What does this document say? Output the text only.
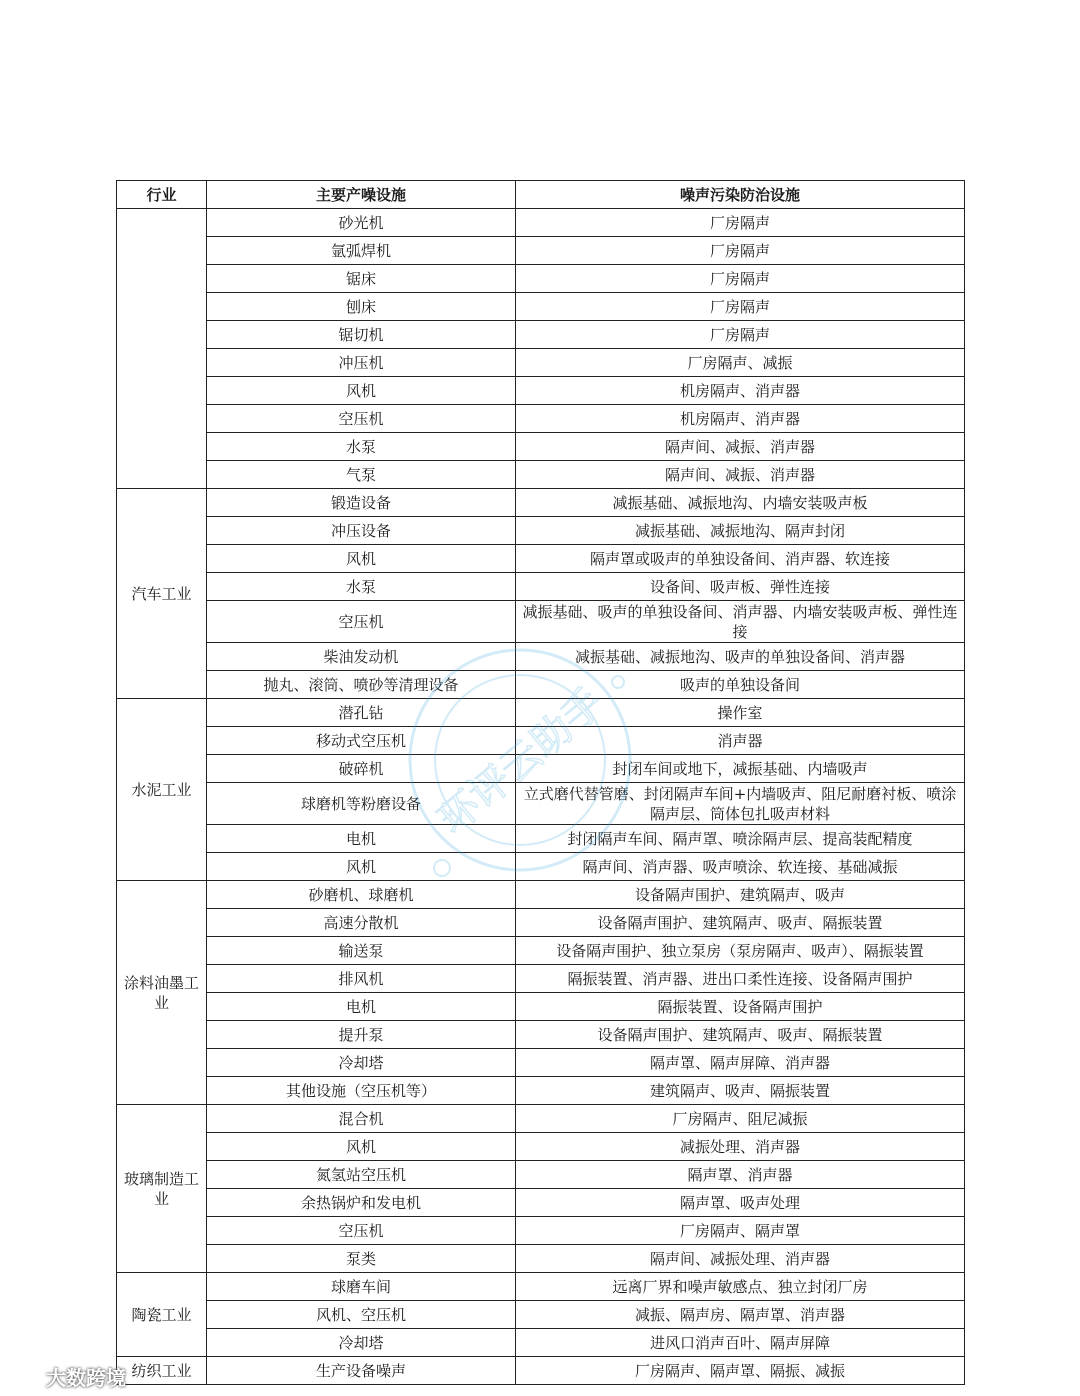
行业	主要产噪设施	噪声污染防治设施
	砂光机	厂房隔声
	氩弧焊机	厂房隔声
	锯床	厂房隔声
	刨床	厂房隔声
	锯切机	厂房隔声
	冲压机	厂房隔声、减振
	风机	机房隔声、消声器
	空压机	机房隔声、消声器
	水泵	隔声间、减振、消声器
	气泵	隔声间、减振、消声器
汽车工业	锻造设备	减振基础、减振地沟、内墙安装吸声板
	冲压设备	减振基础、减振地沟、隔声封闭
	风机	隔声罩或吸声的单独设备间、消声器、软连接
	水泵	设备间、吸声板、弹性连接
	空压机	减振基础、吸声的单独设备间、消声器、内墙安装吸声板、弹性连接
	柴油发动机	减振基础、减振地沟、吸声的单独设备间、消声器
	抛丸、滚筒、喷砂等清理设备	吸声的单独设备间
水泥工业	潜孔钻	操作室
	移动式空压机	消声器
	破碎机	封闭车间或地下，减振基础、内墙吸声
	球磨机等粉磨设备	立式磨代替管磨、封闭隔声车间+内墙吸声、阻尼耐磨衬板、喷涂隔声层、筒体包扎吸声材料
	电机	封闭隔声车间、隔声罩、喷涂隔声层、提高装配精度
	风机	隔声间、消声器、吸声喷涂、软连接、基础减振
涂料油墨工业	砂磨机、球磨机	设备隔声围护、建筑隔声、吸声
	高速分散机	设备隔声围护、建筑隔声、吸声、隔振装置
	输送泵	设备隔声围护、独立泵房（泵房隔声、吸声）、隔振装置
	排风机	隔振装置、消声器、进出口柔性连接、设备隔声围护
	电机	隔振装置、设备隔声围护
	提升泵	设备隔声围护、建筑隔声、吸声、隔振装置
	冷却塔	隔声罩、隔声屏障、消声器
	其他设施（空压机等）	建筑隔声、吸声、隔振装置
玻璃制造工业	混合机	厂房隔声、阻尼减振
	风机	减振处理、消声器
	氮氢站空压机	隔声罩、消声器
	余热锅炉和发电机	隔声罩、吸声处理
	空压机	厂房隔声、隔声罩
	泵类	隔声间、减振处理、消声器
陶瓷工业	球磨车间	远离厂界和噪声敏感点、独立封闭厂房
	风机、空压机	减振、隔声房、隔声罩、消声器
	冷却塔	进风口消声百叶、隔声屏障
纺织工业	生产设备噪声	厂房隔声、隔声罩、隔振、减振
环评云助手
大数跨境
